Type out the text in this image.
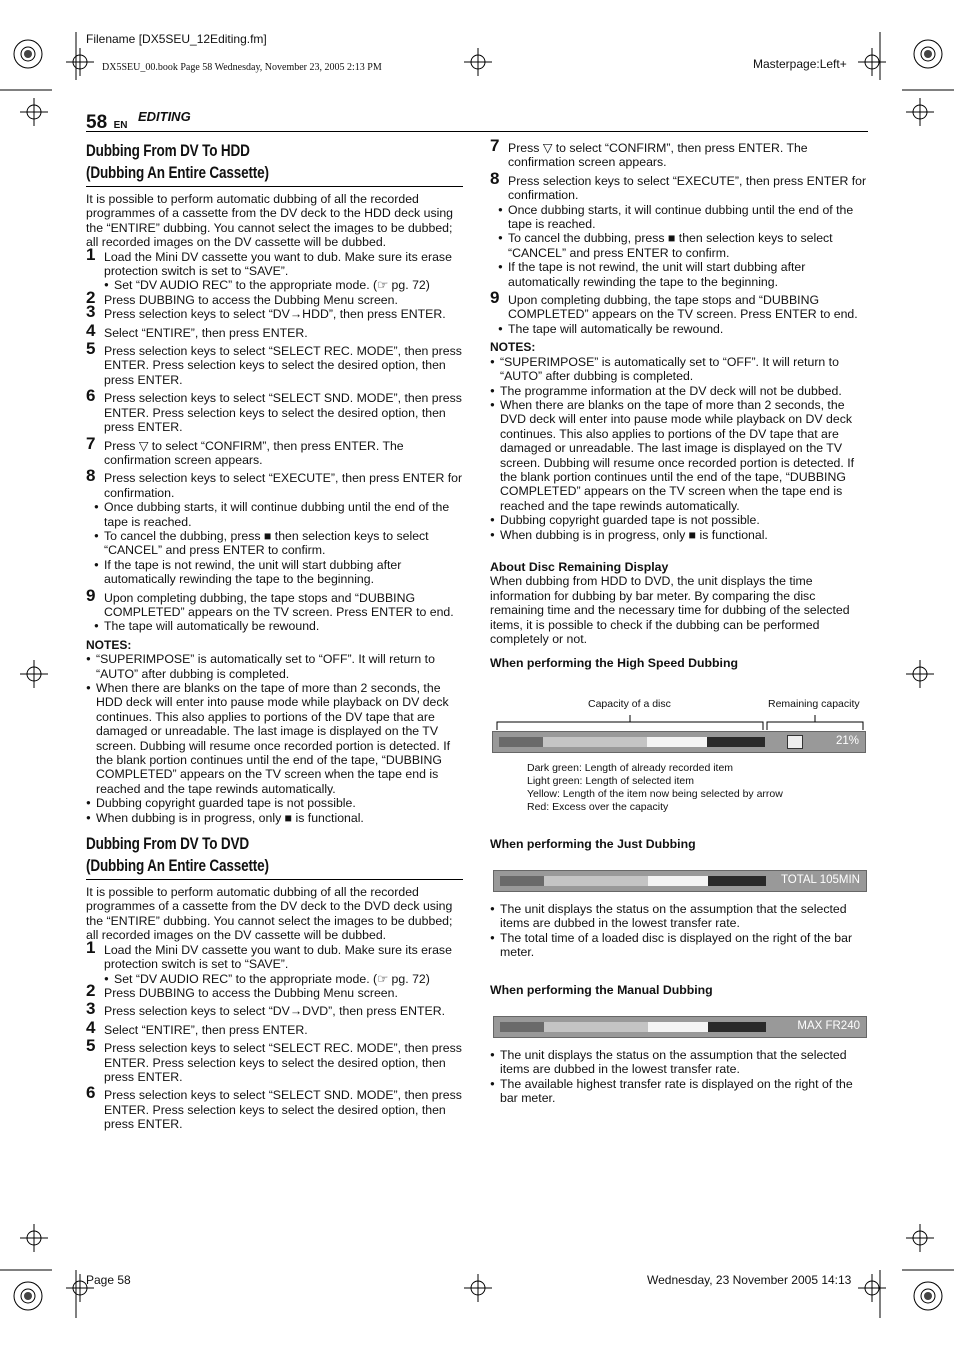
Filename [DX5SEU_12Editing.fm]
DX5SEU_00.book Page 58 Wednesday, November 23, 2005 2:13 PM	Masterpage:Left+
58 EN $^{EDITING}$
Dubbing From DV To HDD
(Dubbing An Entire Cassette)

It is possible to perform automatic dubbing of all the recorded programmes of a cassette from the DV deck to the HDD deck using the “ENTIRE” dubbing. You cannot select the images to be dubbed; all recorded images on the DV cassette will be dubbed.

1 Load the Mini DV cassette you want to dub. Make sure its erase protection switch is set to “SAVE”.
● Set “DV AUDIO REC” to the appropriate mode. (☞ pg. 72)
2 Press DUBBING to access the Dubbing Menu screen.
3 Press selection keys to select “DV→HDD”, then press ENTER.
4 Select “ENTIRE”, then press ENTER.
5 Press selection keys to select “SELECT REC. MODE”, then press ENTER. Press selection keys to select the desired option, then press ENTER.
6 Press selection keys to select “SELECT SND. MODE”, then press ENTER. Press selection keys to select the desired option, then press ENTER.
7 Press ▽ to select “CONFIRM”, then press ENTER. The confirmation screen appears.
8 Press selection keys to select “EXECUTE”, then press ENTER for confirmation.
● Once dubbing starts, it will continue dubbing until the end of the tape is reached.
● To cancel the dubbing, press ■ then selection keys to select “CANCEL” and press ENTER to confirm.
● If the tape is not rewind, the unit will start dubbing after automatically rewinding the tape to the beginning.
9 Upon completing dubbing, the tape stops and “DUBBING COMPLETED” appears on the TV screen. Press ENTER to end.
● The tape will automatically be rewound.
NOTES:
● “SUPERIMPOSE” is automatically set to “OFF”. It will return to “AUTO” after dubbing is completed.
● When there are blanks on the tape of more than 2 seconds, the HDD deck will enter into pause mode while playback on DV deck continues. This also applies to portions of the DV tape that are damaged or unreadable. The last image is displayed on the TV screen. Dubbing will resume once recorded portion is detected. If the blank portion continues until the end of the tape, “DUBBING COMPLETED” appears on the TV screen when the tape end is reached and the tape rewinds automatically.
● Dubbing copyright guarded tape is not possible.
● When dubbing is in progress, only ■ is functional.
Dubbing From DV To DVD
(Dubbing An Entire Cassette)

It is possible to perform automatic dubbing of all the recorded programmes of a cassette from the DV deck to the DVD deck using the “ENTIRE” dubbing. You cannot select the images to be dubbed; all recorded images on the DV cassette will be dubbed.

1 Load the Mini DV cassette you want to dub. Make sure its erase protection switch is set to “SAVE”.
● Set “DV AUDIO REC” to the appropriate mode. (☞ pg. 72)
2 Press DUBBING to access the Dubbing Menu screen.
3 Press selection keys to select “DV→DVD”, then press ENTER.
4 Select “ENTIRE”, then press ENTER.
5 Press selection keys to select “SELECT REC. MODE”, then press ENTER. Press selection keys to select the desired option, then press ENTER.
6 Press selection keys to select “SELECT SND. MODE”, then press ENTER. Press selection keys to select the desired option, then press ENTER.
7 Press ▽ to select “CONFIRM”, then press ENTER. The confirmation screen appears.
8 Press selection keys to select “EXECUTE”, then press ENTER for confirmation.
● Once dubbing starts, it will continue dubbing until the end of the tape is reached.
● To cancel the dubbing, press ■ then selection keys to select “CANCEL” and press ENTER to confirm.
● If the tape is not rewind, the unit will start dubbing after automatically rewinding the tape to the beginning.
9 Upon completing dubbing, the tape stops and “DUBBING COMPLETED” appears on the TV screen. Press ENTER to end.
● The tape will automatically be rewound.
NOTES:
● “SUPERIMPOSE” is automatically set to “OFF”. It will return to “AUTO” after dubbing is completed.
● The programme information at the DV deck will not be dubbed.
● When there are blanks on the tape of more than 2 seconds, the DVD deck will enter into pause mode while playback on DV deck continues. This also applies to portions of the DV tape that are damaged or unreadable. The last image is displayed on the TV screen. Dubbing will resume once recorded portion is detected. If the blank portion continues until the end of the tape, “DUBBING COMPLETED” appears on the TV screen when the tape end is reached and the tape rewinds automatically.
● Dubbing copyright guarded tape is not possible.
● When dubbing is in progress, only ■ is functional.
About Disc Remaining Display

When dubbing from HDD to DVD, the unit displays the time information for dubbing by bar meter. By comparing the disc remaining time and the necessary time for dubbing of the selected items, it is possible to check if the dubbing can be performed completely or not.

When performing the High Speed Dubbing
Capacity of a disc	Remaining capacity
21%
Dark green: Length of already recorded item
Light green: Length of selected item
Yellow: Length of the item now being selected by arrow
Red: Excess over the capacity
When performing the Just Dubbing
TOTAL 105MIN
● The unit displays the status on the assumption that the selected items are dubbed in the lowest transfer rate.
● The total time of a loaded disc is displayed on the right of the bar meter.
When performing the Manual Dubbing
MAX FR240
● The unit displays the status on the assumption that the selected items are dubbed in the lowest transfer rate.
● The available highest transfer rate is displayed on the right of the bar meter.
Page 58	Wednesday, 23 November 2005 14:13
